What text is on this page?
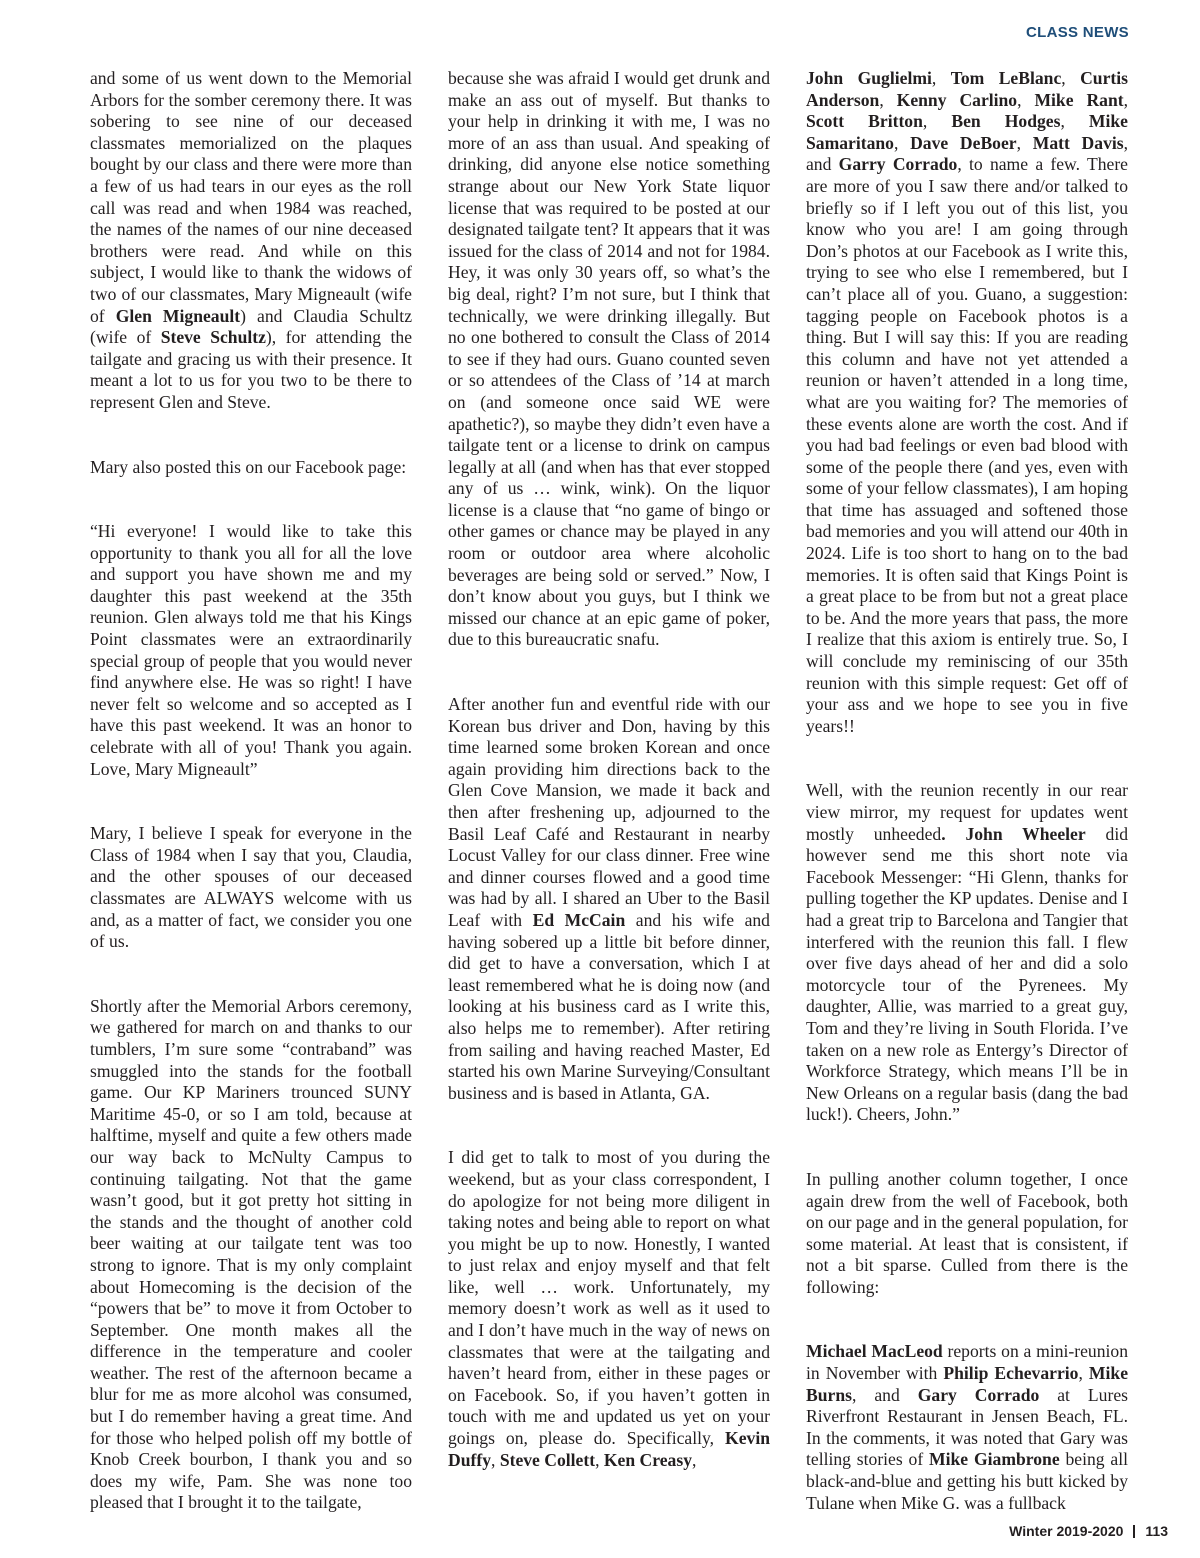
CLASS NEWS

and some of us went down to the Memorial Arbors for the somber ceremony there. It was sobering to see nine of our deceased classmates memorialized on the plaques bought by our class and there were more than a few of us had tears in our eyes as the roll call was read and when 1984 was reached, the names of the names of our nine deceased brothers were read. And while on this subject, I would like to thank the widows of two of our classmates, Mary Migneault (wife of Glen Migneault) and Claudia Schultz (wife of Steve Schultz), for attending the tailgate and gracing us with their presence. It meant a lot to us for you two to be there to represent Glen and Steve.

Mary also posted this on our Facebook page:

“Hi everyone! I would like to take this opportunity to thank you all for all the love and support you have shown me and my daughter this past weekend at the 35th reunion. Glen always told me that his Kings Point classmates were an extraordinarily special group of people that you would never find anywhere else. He was so right! I have never felt so welcome and so accepted as I have this past weekend. It was an honor to celebrate with all of you! Thank you again. Love, Mary Migneault”

Mary, I believe I speak for everyone in the Class of 1984 when I say that you, Claudia, and the other spouses of our deceased classmates are ALWAYS welcome with us and, as a matter of fact, we consider you one of us.

Shortly after the Memorial Arbors ceremony, we gathered for march on and thanks to our tumblers, I’m sure some “contraband” was smuggled into the stands for the football game. Our KP Mariners trounced SUNY Maritime 45-0, or so I am told, because at halftime, myself and quite a few others made our way back to McNulty Campus to continuing tailgating. Not that the game wasn’t good, but it got pretty hot sitting in the stands and the thought of another cold beer waiting at our tailgate tent was too strong to ignore. That is my only complaint about Homecoming is the decision of the “powers that be” to move it from October to September. One month makes all the difference in the temperature and cooler weather. The rest of the afternoon became a blur for me as more alcohol was consumed, but I do remember having a great time. And for those who helped polish off my bottle of Knob Creek bourbon, I thank you and so does my wife, Pam. She was none too pleased that I brought it to the tailgate,

because she was afraid I would get drunk and make an ass out of myself. But thanks to your help in drinking it with me, I was no more of an ass than usual. And speaking of drinking, did anyone else notice something strange about our New York State liquor license that was required to be posted at our designated tailgate tent? It appears that it was issued for the class of 2014 and not for 1984. Hey, it was only 30 years off, so what’s the big deal, right? I’m not sure, but I think that technically, we were drinking illegally. But no one bothered to consult the Class of 2014 to see if they had ours. Guano counted seven or so attendees of the Class of ’14 at march on (and someone once said WE were apathetic?), so maybe they didn’t even have a tailgate tent or a license to drink on campus legally at all (and when has that ever stopped any of us … wink, wink). On the liquor license is a clause that “no game of bingo or other games or chance may be played in any room or outdoor area where alcoholic beverages are being sold or served.” Now, I don’t know about you guys, but I think we missed our chance at an epic game of poker, due to this bureaucratic snafu.

After another fun and eventful ride with our Korean bus driver and Don, having by this time learned some broken Korean and once again providing him directions back to the Glen Cove Mansion, we made it back and then after freshening up, adjourned to the Basil Leaf Café and Restaurant in nearby Locust Valley for our class dinner. Free wine and dinner courses flowed and a good time was had by all. I shared an Uber to the Basil Leaf with Ed McCain and his wife and having sobered up a little bit before dinner, did get to have a conversation, which I at least remembered what he is doing now (and looking at his business card as I write this, also helps me to remember). After retiring from sailing and having reached Master, Ed started his own Marine Surveying/Consultant business and is based in Atlanta, GA.

I did get to talk to most of you during the weekend, but as your class correspondent, I do apologize for not being more diligent in taking notes and being able to report on what you might be up to now. Honestly, I wanted to just relax and enjoy myself and that felt like, well … work. Unfortunately, my memory doesn’t work as well as it used to and I don’t have much in the way of news on classmates that were at the tailgating and haven’t heard from, either in these pages or on Facebook. So, if you haven’t gotten in touch with me and updated us yet on your goings on, please do. Specifically, Kevin Duffy, Steve Collett, Ken Creasy,

John Guglielmi, Tom LeBlanc, Curtis Anderson, Kenny Carlino, Mike Rant, Scott Britton, Ben Hodges, Mike Samaritano, Dave DeBoer, Matt Davis, and Garry Corrado, to name a few. There are more of you I saw there and/or talked to briefly so if I left you out of this list, you know who you are! I am going through Don’s photos at our Facebook as I write this, trying to see who else I remembered, but I can’t place all of you. Guano, a suggestion: tagging people on Facebook photos is a thing. But I will say this: If you are reading this column and have not yet attended a reunion or haven’t attended in a long time, what are you waiting for? The memories of these events alone are worth the cost. And if you had bad feelings or even bad blood with some of the people there (and yes, even with some of your fellow classmates), I am hoping that time has assuaged and softened those bad memories and you will attend our 40th in 2024. Life is too short to hang on to the bad memories. It is often said that Kings Point is a great place to be from but not a great place to be. And the more years that pass, the more I realize that this axiom is entirely true. So, I will conclude my reminiscing of our 35th reunion with this simple request: Get off of your ass and we hope to see you in five years!!

Well, with the reunion recently in our rear view mirror, my request for updates went mostly unheeded. John Wheeler did however send me this short note via Facebook Messenger: “Hi Glenn, thanks for pulling together the KP updates. Denise and I had a great trip to Barcelona and Tangier that interfered with the reunion this fall. I flew over five days ahead of her and did a solo motorcycle tour of the Pyrenees. My daughter, Allie, was married to a great guy, Tom and they’re living in South Florida. I’ve taken on a new role as Entergy’s Director of Workforce Strategy, which means I’ll be in New Orleans on a regular basis (dang the bad luck!). Cheers, John.”

In pulling another column together, I once again drew from the well of Facebook, both on our page and in the general population, for some material. At least that is consistent, if not a bit sparse. Culled from there is the following:

Michael MacLeod reports on a mini-reunion in November with Philip Echevarrio, Mike Burns, and Gary Corrado at Lures Riverfront Restaurant in Jensen Beach, FL. In the comments, it was noted that Gary was telling stories of Mike Giambrone being all black-and-blue and getting his butt kicked by Tulane when Mike G. was a fullback

Winter 2019-2020 113
